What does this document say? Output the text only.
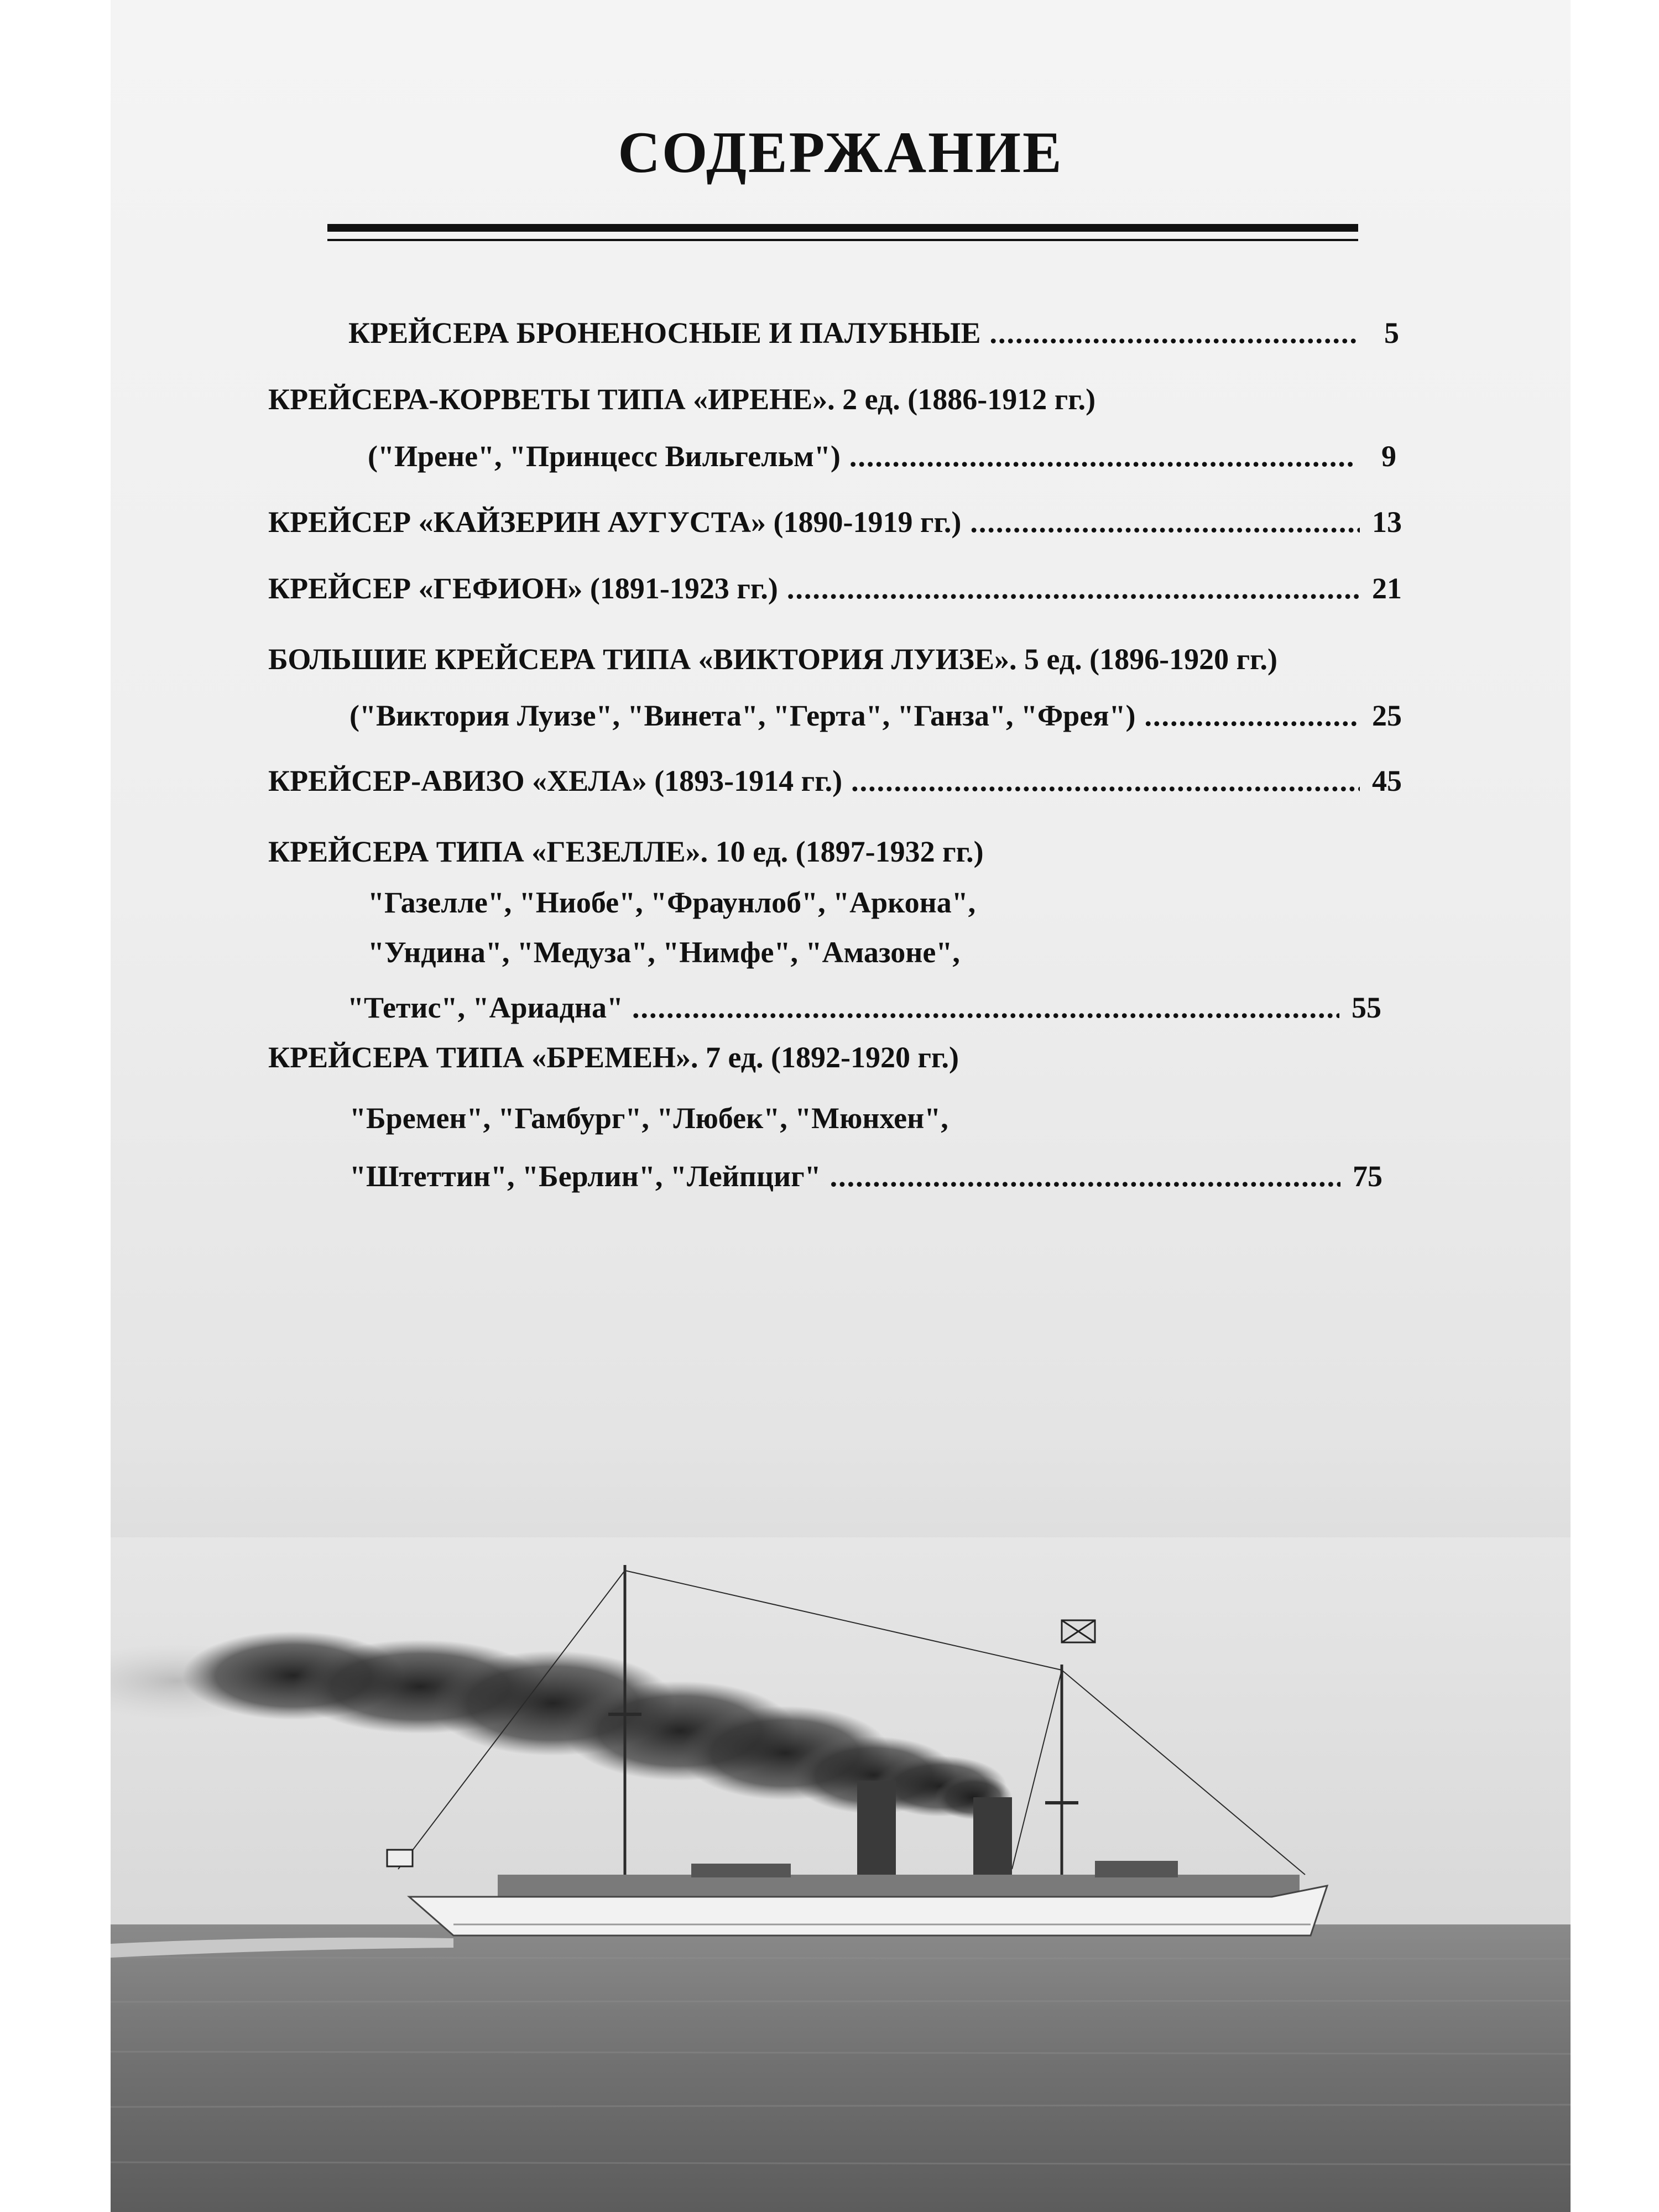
СОДЕРЖАНИЕ
КРЕЙСЕРА БРОНЕНОСНЫЕ И ПАЛУБНЫЕ .....	5
КРЕЙСЕРА-КОРВЕТЫ ТИПА «ИРЕНЕ». 2 ед. (1886-1912 гг.)
("Ирене", "Принцесс Вильгельм") .....	9
КРЕЙСЕР «КАЙЗЕРИН АУГУСТА» (1890-1919 гг.) .....	13
КРЕЙСЕР «ГЕФИОН» (1891-1923 гг.) .....	21
БОЛЬШИЕ КРЕЙСЕРА ТИПА «ВИКТОРИЯ ЛУИЗЕ». 5 ед. (1896-1920 гг.)
("Виктория Луизе", "Винета", "Герта", "Ганза", "Фрея") .....	25
КРЕЙСЕР-АВИЗО «ХЕЛА» (1893-1914 гг.) .....	45
КРЕЙСЕРА ТИПА «ГЕЗЕЛЛЕ». 10 ед. (1897-1932 гг.)
"Газелле", "Ниобе", "Фраунлоб", "Аркона",
"Ундина", "Медуза", "Нимфе", "Амазоне",
"Тетис", "Ариадна" .....	55
КРЕЙСЕРА ТИПА «БРЕМЕН». 7 ед. (1892-1920 гг.)
"Бремен", "Гамбург", "Любек", "Мюнхен",
"Штеттин", "Берлин", "Лейпциг" .....	75
